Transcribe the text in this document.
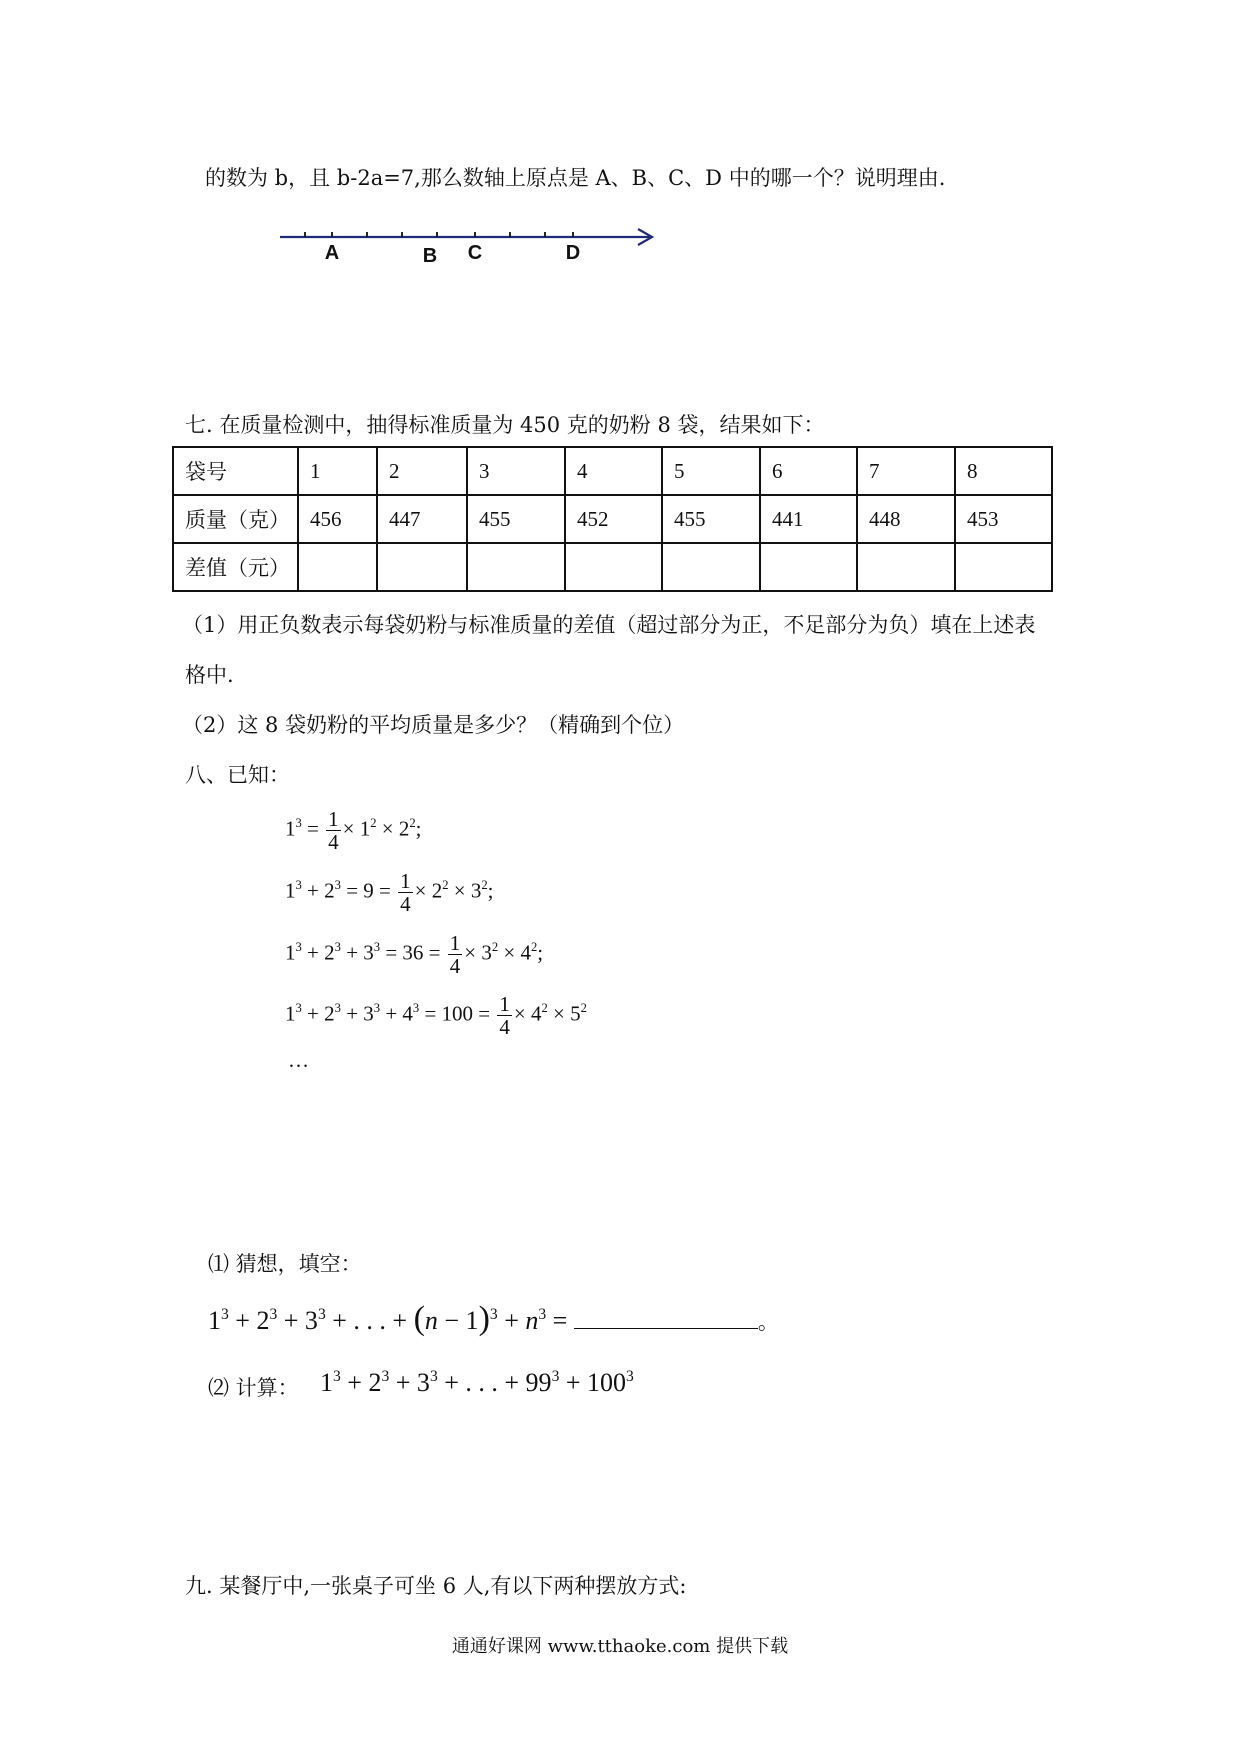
的数为 b，且 b-2a=7,那么数轴上原点是 A、B、C、D 中的哪一个？说明理由.
A	B C	D
七. 在质量检测中，抽得标准质量为 450 克的奶粉 8 袋，结果如下：
袋号	1	2	3	4	5	6	7	8
质量（克）	456	447	455	452	455	441	448	453
差值（元）								
（1）用正负数表示每袋奶粉与标准质量的差值（超过部分为正，不足部分为负）填在上述表
格中.
（2）这 8 袋奶粉的平均质量是多少？（精确到个位）
八、已知：
$1^3 = \frac{1}{4} \times 1^2 \times 2^2$;
$1^3 + 2^3 = 9 = \frac{1}{4} \times 2^2 \times 3^2$;
$1^3 + 2^3 + 3^3 = 36 = \frac{1}{4} \times 3^2 \times 4^2$;
$1^3 + 2^3 + 3^3 + 4^3 = 100 = \frac{1}{4} \times 4^2 \times 5^2$
…
⑴ 猜想，填空：
$1^3 + 2^3 + 3^3$ + . . . + $(n - 1)^3 + n^3$ =	。
⑵ 计算： $1^3 + 2^3 + 3^3$ + . . . + $99^3 + 100^3$
九. 某餐厅中,一张桌子可坐 6 人,有以下两种摆放方式:
通通好课网 www.tthaoke.com 提供下载
